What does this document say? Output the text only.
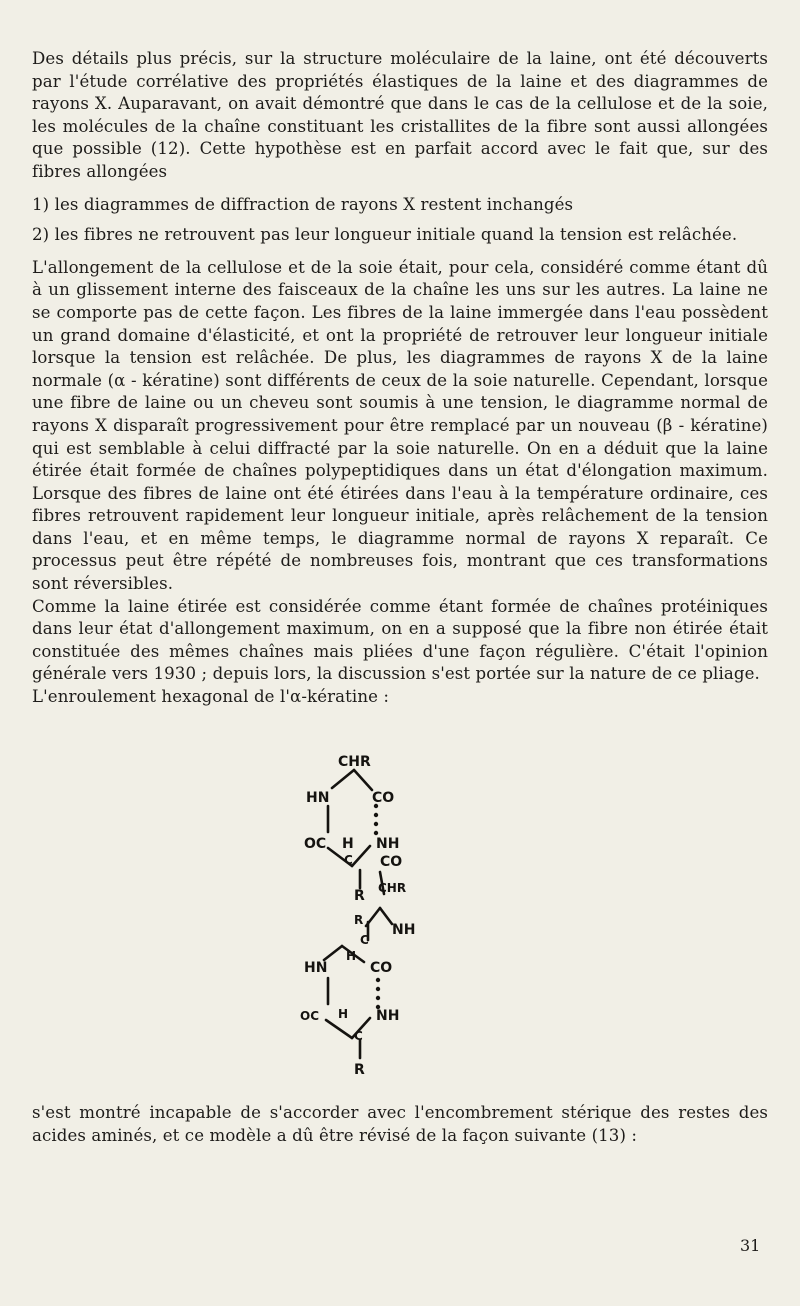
Des détails plus précis, sur la structure moléculaire de la laine, ont été découverts par l'étude corrélative des propriétés élastiques de la laine et des diagrammes de rayons X. Auparavant, on avait démontré que dans le cas de la cellulose et de la soie, les molécules de la chaîne constituant les cristallites de la fibre sont aussi allongées que possible (12). Cette hypothèse est en parfait accord avec le fait que, sur des fibres allongées

1) les diagrammes de diffraction de rayons X restent inchangés

2) les fibres ne retrouvent pas leur longueur initiale quand la tension est relâchée.

L'allongement de la cellulose et de la soie était, pour cela, considéré comme étant dû à un glissement interne des faisceaux de la chaîne les uns sur les autres. La laine ne se comporte pas de cette façon. Les fibres de la laine immergée dans l'eau possèdent un grand domaine d'élasticité, et ont la propriété de retrouver leur longueur initiale lorsque la tension est relâchée. De plus, les diagrammes de rayons X de la laine normale (α - kératine) sont différents de ceux de la soie naturelle. Cependant, lorsque une fibre de laine ou un cheveu sont soumis à une tension, le diagramme normal de rayons X disparaît progressivement pour être remplacé par un nouveau (β - kératine) qui est semblable à celui diffracté par la soie naturelle. On en a déduit que la laine étirée était formée de chaînes polypeptidiques dans un état d'élongation maximum. Lorsque des fibres de laine ont été étirées dans l'eau à la température ordinaire, ces fibres retrouvent rapidement leur longueur initiale, après relâchement de la tension dans l'eau, et en même temps, le diagramme normal de rayons X reparaît. Ce processus peut être répété de nombreuses fois, montrant que ces transformations sont réversibles.

Comme la laine étirée est considérée comme étant formée de chaînes protéiniques dans leur état d'allongement maximum, on en a supposé que la fibre non étirée était constituée des mêmes chaînes mais pliées d'une façon régulière. C'était l'opinion générale vers 1930 ; depuis lors, la discussion s'est portée sur la nature de ce pliage.

L'enroulement hexagonal de l'α-kératine :

CHR
HN	CO
OC H NH
C CO
R CHR
R
NH
C
HN
H
CO
OC H NH
C
R

s'est montré incapable de s'accorder avec l'encombrement stérique des restes des acides aminés, et ce modèle a dû être révisé de la façon suivante (13) :

31
